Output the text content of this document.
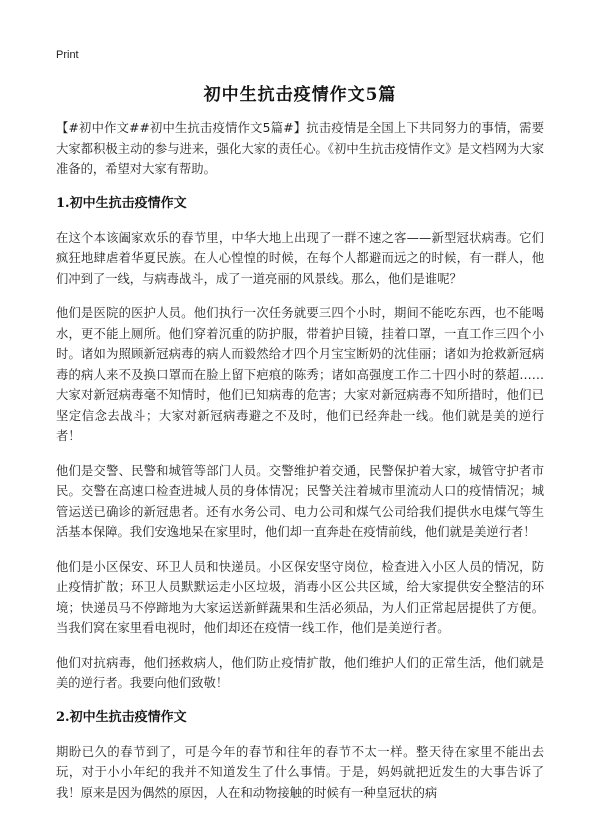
Print
初中生抗击疫情作文5篇

【#初中作文##初中生抗击疫情作文5篇#】抗击疫情是全国上下共同努力的事情，需要大家都积极主动的参与进来，强化大家的责任心。《初中生抗击疫情作文》是文档网为大家准备的，希望对大家有帮助。

1.初中生抗击疫情作文

在这个本该阖家欢乐的春节里，中华大地上出现了一群不速之客——新型冠状病毒。它们疯狂地肆虐着华夏民族。在人心惶惶的时候，在每个人都避而远之的时候，有一群人，他们冲到了一线，与病毒战斗，成了一道亮丽的风景线。那么，他们是谁呢？

他们是医院的医护人员。他们执行一次任务就要三四个小时，期间不能吃东西，也不能喝水，更不能上厕所。他们穿着沉重的防护服，带着护目镜，挂着口罩，一直工作三四个小时。诸如为照顾新冠病毒的病人而毅然给才四个月宝宝断奶的沈佳丽；诸如为抢救新冠病毒的病人来不及换口罩而在脸上留下疤痕的陈秀；诸如高强度工作二十四小时的蔡超……大家对新冠病毒毫不知情时，他们已知病毒的危害；大家对新冠病毒不知所措时，他们已坚定信念去战斗；大家对新冠病毒避之不及时，他们已经奔赴一线。他们就是美的逆行者！

他们是交警、民警和城管等部门人员。交警维护着交通，民警保护着大家，城管守护者市民。交警在高速口检查进城人员的身体情况；民警关注着城市里流动人口的疫情情况；城管运送已确诊的新冠患者。还有水务公司、电力公司和煤气公司给我们提供水电煤气等生活基本保障。我们安逸地呆在家里时，他们却一直奔赴在疫情前线，他们就是美逆行者！

他们是小区保安、环卫人员和快递员。小区保安坚守岗位，检查进入小区人员的情况，防止疫情扩散；环卫人员默默运走小区垃圾，消毒小区公共区域，给大家提供安全整洁的环境；快递员马不停蹄地为大家运送新鲜蔬果和生活必须品，为人们正常起居提供了方便。当我们窝在家里看电视时，他们却还在疫情一线工作，他们是美逆行者。

他们对抗病毒，他们拯救病人，他们防止疫情扩散，他们维护人们的正常生活，他们就是美的逆行者。我要向他们致敬！

2.初中生抗击疫情作文

期盼已久的春节到了，可是今年的春节和往年的春节不太一样。整天待在家里不能出去玩，对于小小年纪的我并不知道发生了什么事情。于是，妈妈就把近发生的大事告诉了我！原来是因为偶然的原因，人在和动物接触的时候有一种皇冠状的病
